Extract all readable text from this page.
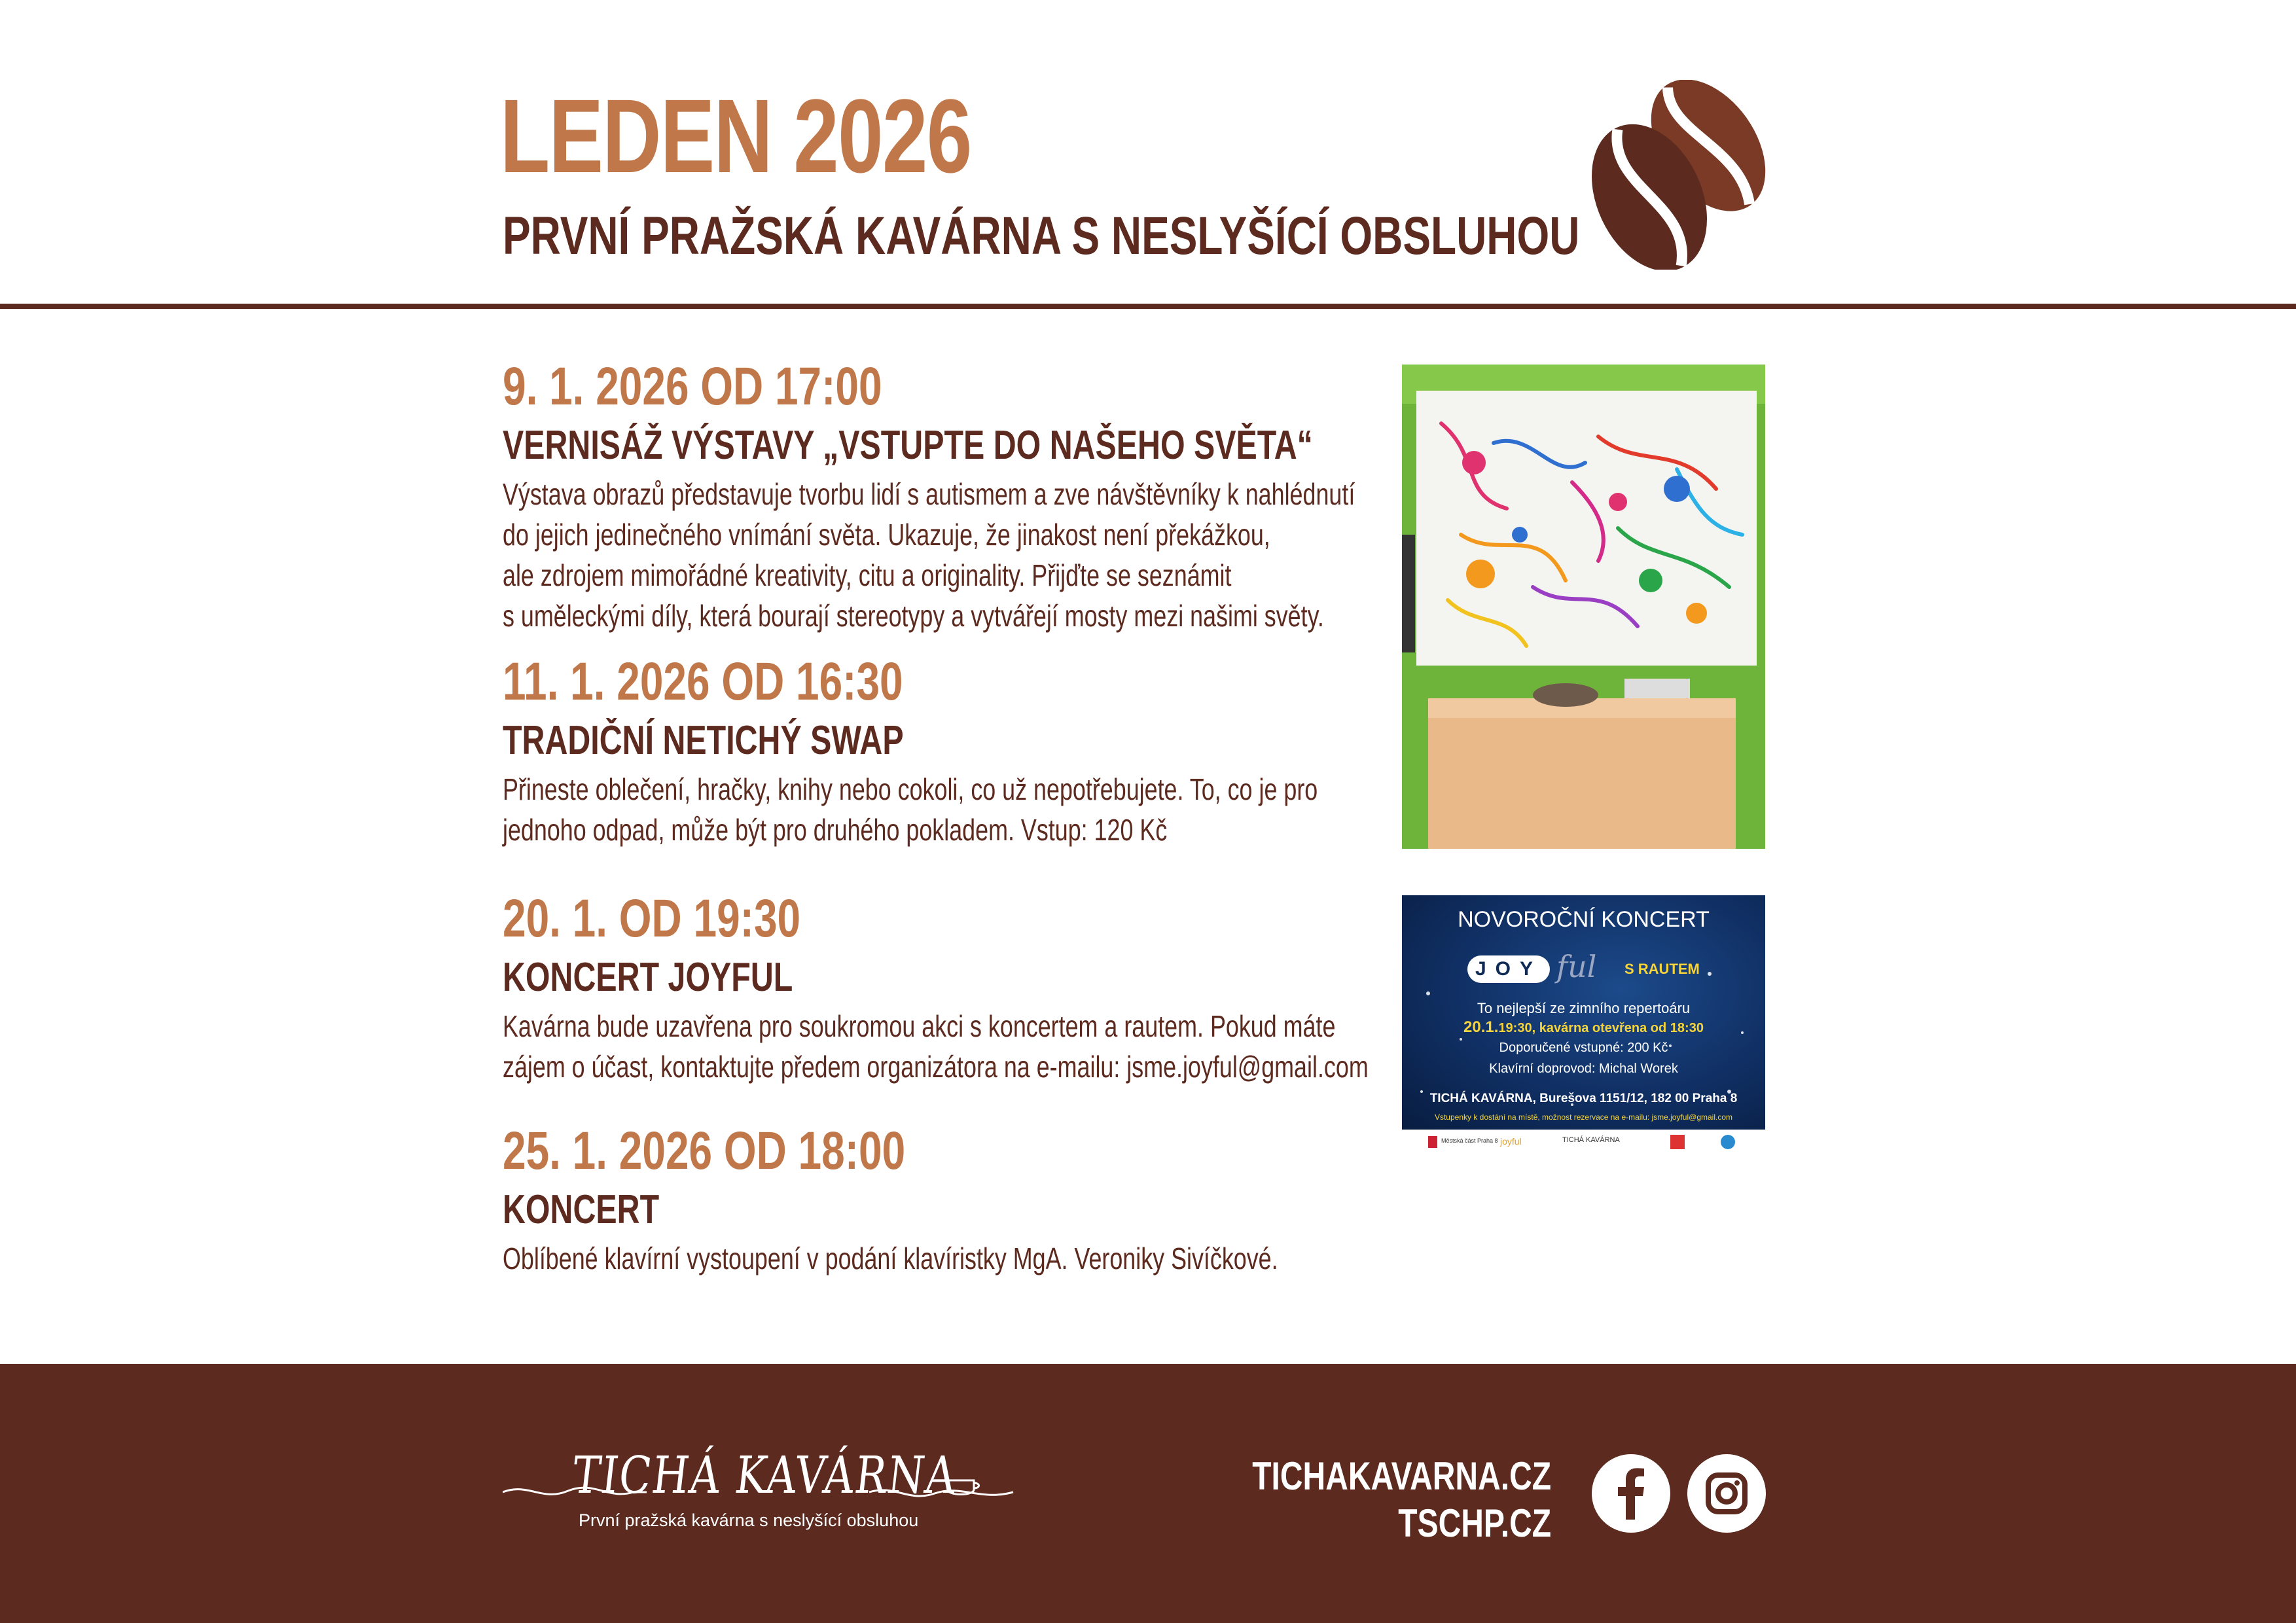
LEDEN 2026
PRVNÍ PRAŽSKÁ KAVÁRNA S NESLYŠÍCÍ OBSLUHOU
9. 1. 2026 OD 17:00
VERNISÁŽ VÝSTAVY „VSTUPTE DO NAŠEHO SVĚTA“
Výstava obrazů představuje tvorbu lidí s autismem a zve návštěvníky k nahlédnutí
do jejich jedinečného vnímání světa. Ukazuje, že jinakost není překážkou,
ale zdrojem mimořádné kreativity, citu a originality. Přijďte se seznámit
s uměleckými díly, která bourají stereotypy a vytvářejí mosty mezi našimi světy.
11. 1. 2026 OD 16:30
TRADIČNÍ NETICHÝ SWAP
Přineste oblečení, hračky, knihy nebo cokoli, co už nepotřebujete. To, co je pro
jednoho odpad, může být pro druhého pokladem. Vstup: 120 Kč
20. 1. OD 19:30
KONCERT JOYFUL
Kavárna bude uzavřena pro soukromou akci s koncertem a rautem. Pokud máte
zájem o účast, kontaktujte předem organizátora na e-mailu: jsme.joyful@gmail.com
25. 1. 2026 OD 18:00
KONCERT
Oblíbené klavírní vystoupení v podání klavíristky MgA. Veroniky Sivíčkové.
NOVOROČNÍ KONCERT
JOY ful S RAUTEM
To nejlepší ze zimního repertoáru
20.1.19:30, kavárna otevřena od 18:30
Doporučené vstupné: 200 Kč
Klavírní doprovod: Michal Worek
TICHÁ KAVÁRNA, Burešova 1151/12, 182 00 Praha 8
Vstupenky k dostání na místě, možnost rezervace na e-mailu: jsme.joyful@gmail.com
Městská část Praha 8 joyful	TICHÁ KAVÁRNA
TICHÁ KAVÁRNA
První pražská kavárna s neslyšící obsluhou
TICHAKAVARNA.CZ
TSCHP.CZ
